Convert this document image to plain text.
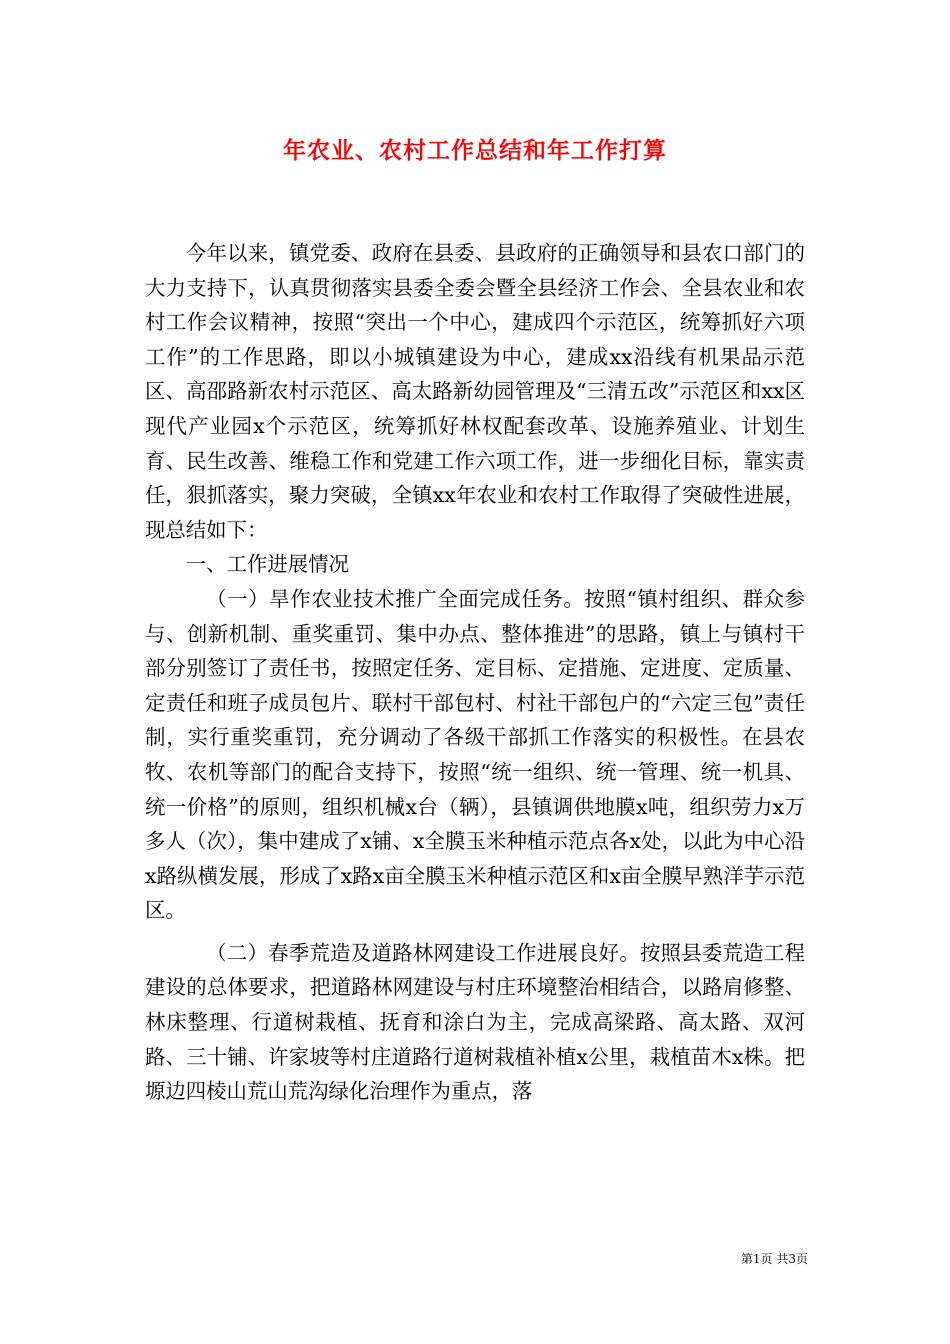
年农业、农村工作总结和年工作打算

今年以来，镇党委、政府在县委、县政府的正确领导和县农口部门的大力支持下，认真贯彻落实县委全委会暨全县经济工作会、全县农业和农村工作会议精神，按照“突出一个中心，建成四个示范区，统筹抓好六项工作”的工作思路，即以小城镇建设为中心，建成xx沿线有机果品示范区、高邵路新农村示范区、高太路新幼园管理及“三清五改”示范区和xx区现代产业园x个示范区，统筹抓好林权配套改革、设施养殖业、计划生育、民生改善、维稳工作和党建工作六项工作，进一步细化目标，靠实责任，狠抓落实，聚力突破，全镇xx年农业和农村工作取得了突破性进展，现总结如下：

一、工作进展情况

（一）旱作农业技术推广全面完成任务。按照“镇村组织、群众参与、创新机制、重奖重罚、集中办点、整体推进”的思路，镇上与镇村干部分别签订了责任书，按照定任务、定目标、定措施、定进度、定质量、定责任和班子成员包片、联村干部包村、村社干部包户的“六定三包”责任制，实行重奖重罚，充分调动了各级干部抓工作落实的积极性。在县农牧、农机等部门的配合支持下，按照“统一组织、统一管理、统一机具、统一价格”的原则，组织机械x台（辆），县镇调供地膜x吨，组织劳力x万多人（次），集中建成了x铺、x全膜玉米种植示范点各x处，以此为中心沿x路纵横发展，形成了x路x亩全膜玉米种植示范区和x亩全膜早熟洋芋示范区。

（二）春季荒造及道路林网建设工作进展良好。按照县委荒造工程建设的总体要求，把道路林网建设与村庄环境整治相结合，以路肩修整、林床整理、行道树栽植、抚育和涂白为主，完成高梁路、高太路、双河路、三十铺、许家坡等村庄道路行道树栽植补植x公里，栽植苗木x株。把塬边四棱山荒山荒沟绿化治理作为重点，落

第1页 共3页
